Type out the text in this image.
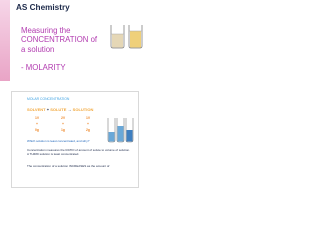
AS Chemistry
Measuring the
CONCENTRATION of
a solution
- MOLARITY
MOLAR CONCENTRATION
SOLVENT + SOLUTE → SOLUTION
1V
+
0g
2V
+
1g
1V
+
2g
Which solution is least concentrated, and why?
Concentration measures the RATIO of amount of solute to volume of solution. A THIRD solution is least concentrated.
The concentration of a solution INCREASES as the amount of
